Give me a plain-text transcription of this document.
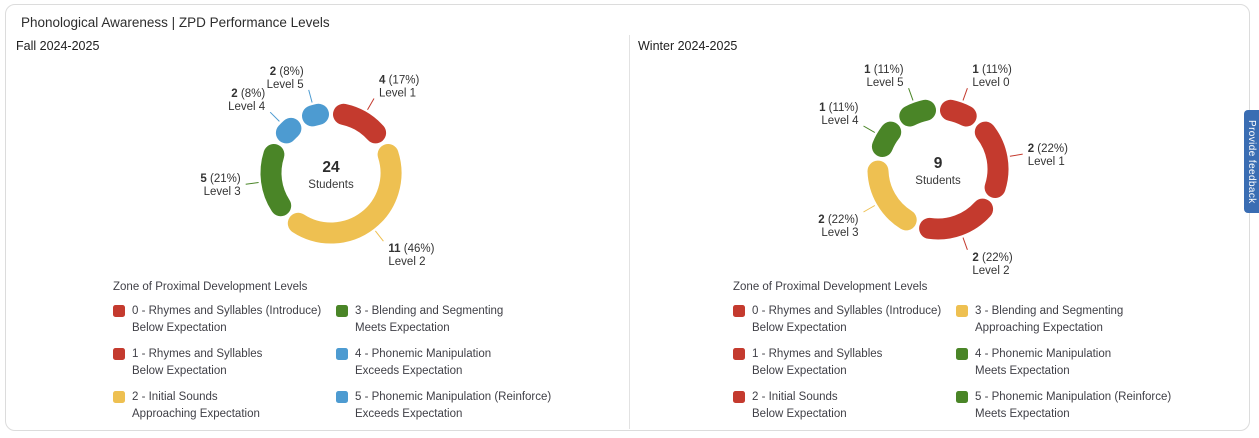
Phonological Awareness | ZPD Performance Levels
Fall 2024-2025
4 (17%)
Level 1
11 (46%)
Level 2
5 (21%)
Level 3
2 (8%)
Level 4
2 (8%)
Level 5
24
Students
Zone of Proximal Development Levels
0 - Rhymes and Syllables (Introduce)
Below Expectation
1 - Rhymes and Syllables
Below Expectation
2 - Initial Sounds
Approaching Expectation
3 - Blending and Segmenting
Meets Expectation
4 - Phonemic Manipulation
Exceeds Expectation
5 - Phonemic Manipulation (Reinforce)
Exceeds Expectation
Winter 2024-2025
1 (11%)
Level 0
2 (22%)
Level 1
2 (22%)
Level 2
2 (22%)
Level 3
1 (11%)
Level 4
1 (11%)
Level 5
9
Students
Zone of Proximal Development Levels
0 - Rhymes and Syllables (Introduce)
Below Expectation
1 - Rhymes and Syllables
Below Expectation
2 - Initial Sounds
Below Expectation
3 - Blending and Segmenting
Approaching Expectation
4 - Phonemic Manipulation
Meets Expectation
5 - Phonemic Manipulation (Reinforce)
Meets Expectation
Provide feedback
